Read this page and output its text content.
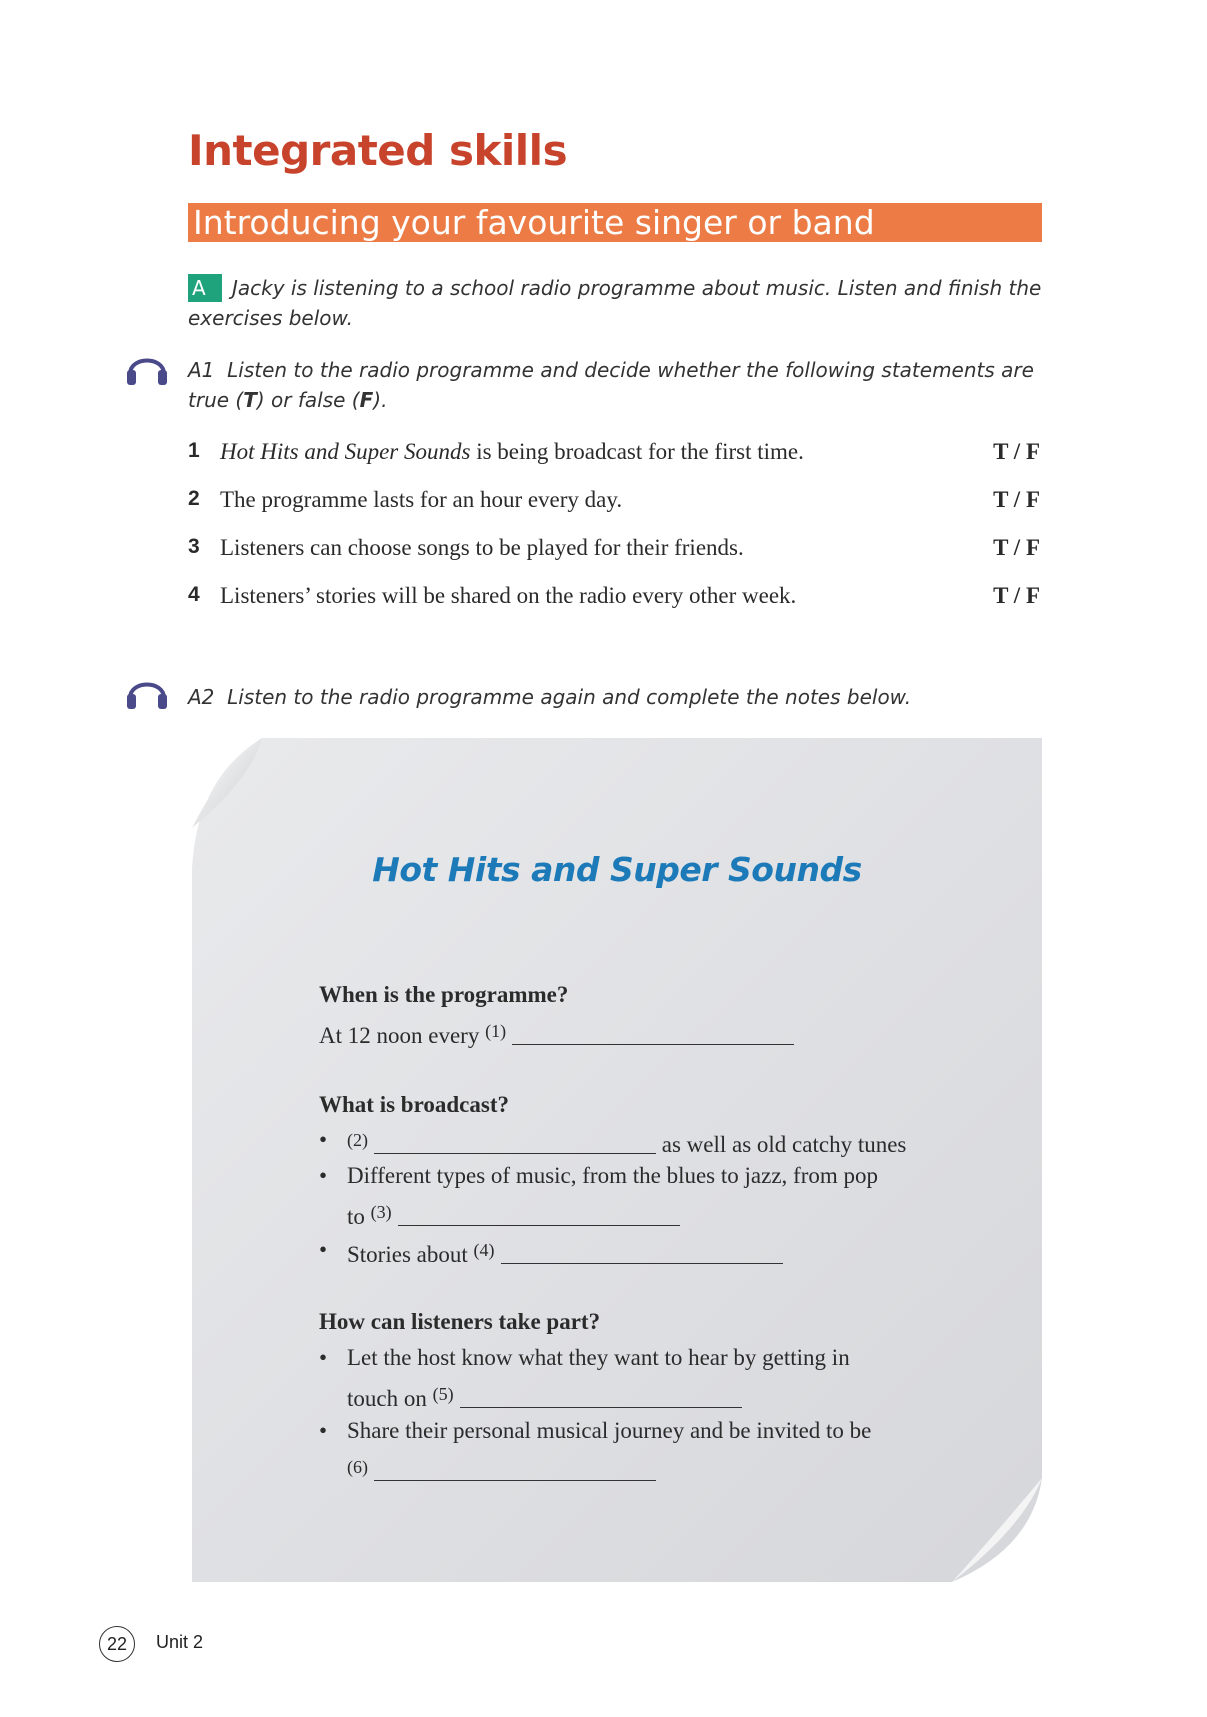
Integrated skills
Introducing your favourite singer or band
A Jacky is listening to a school radio programme about music. Listen and finish the exercises below.
A1 Listen to the radio programme and decide whether the following statements are true (T) or false (F).
1 Hot Hits and Super Sounds is being broadcast for the first time.	T / F
2 The programme lasts for an hour every day.	T / F
3 Listeners can choose songs to be played for their friends.	T / F
4 Listeners’ stories will be shared on the radio every other week.	T / F
A2 Listen to the radio programme again and complete the notes below.
Hot Hits and Super Sounds
When is the programme?
At 12 noon every $^{(1)}$
What is broadcast?
• $^{(2)}$	as well as old catchy tunes
• Different types of music, from the blues to jazz, from pop
to $^{(3)}$
• Stories about $^{(4)}$
How can listeners take part?
• Let the host know what they want to hear by getting in
touch on $^{(5)}$
• Share their personal musical journey and be invited to be
$^{(6)}$
22	Unit 2
